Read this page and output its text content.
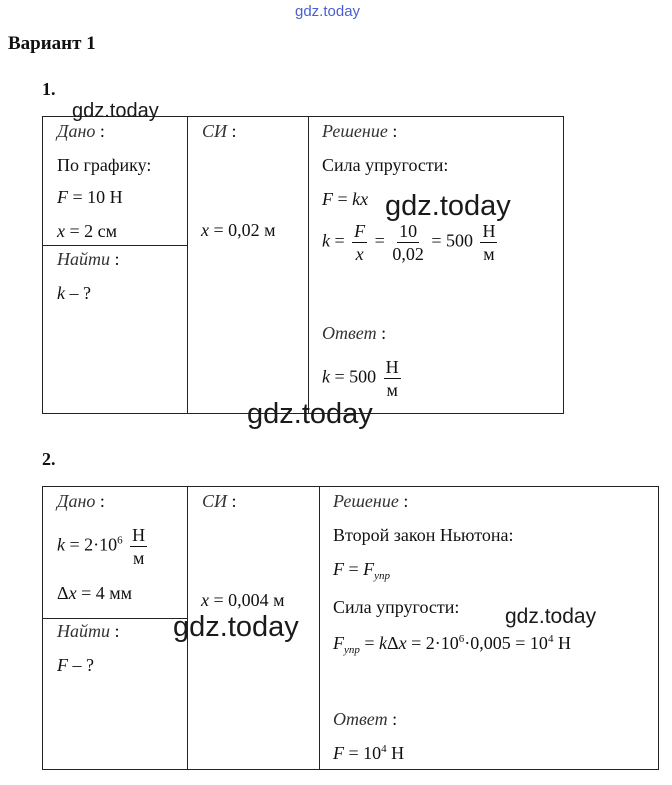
gdz.today
Вариант 1
1.
Дано :
По графику:
F = 10 Н
x = 2 см
Найти :
k – ?
СИ :
x = 0,02 м
Решение :
Сила упругости:
F = kx
$k = \frac{F}{x} = \frac{10}{0,02} = 500 \frac{Н}{м}$
Ответ :
$k = 500 \frac{Н}{м}$
2.
Дано :
$k = 2\cdot 10^6 \frac{Н}{м}$
Δx = 4 мм
Найти :
F – ?
СИ :
x = 0,004 м
Решение :
Второй закон Ньютона:
$F = F_{упр}$
Сила упругости:
$F_{упр} = k\Delta x = 2\cdot 10^6\cdot 0,005 = 10^4$ Н
Ответ :
$F = 10^4$ Н
gdz.today
gdz.today
gdz.today
gdz.today
gdz.today
